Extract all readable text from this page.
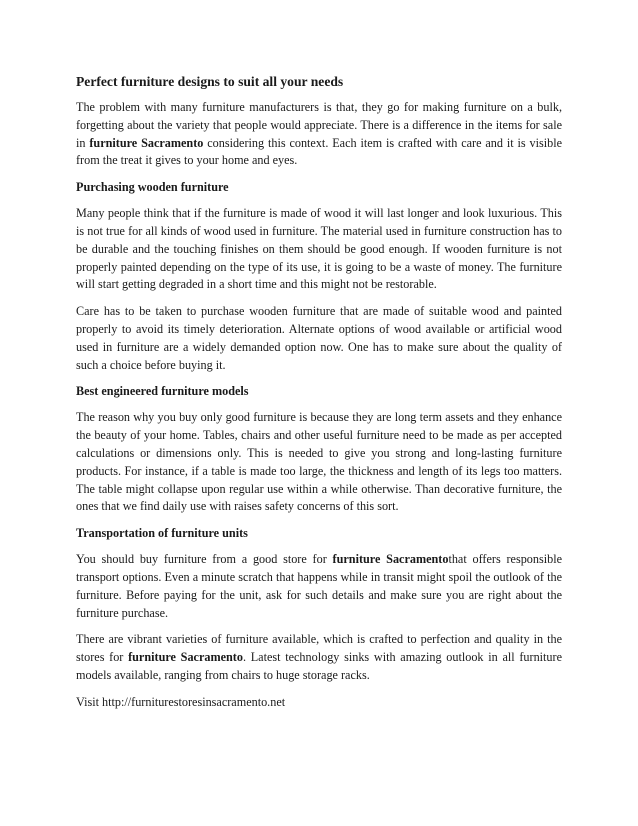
Perfect furniture designs to suit all your needs

The problem with many furniture manufacturers is that, they go for making furniture on a bulk, forgetting about the variety that people would appreciate. There is a difference in the items for sale in furniture Sacramento considering this context. Each item is crafted with care and it is visible from the treat it gives to your home and eyes.

Purchasing wooden furniture

Many people think that if the furniture is made of wood it will last longer and look luxurious. This is not true for all kinds of wood used in furniture. The material used in furniture construction has to be durable and the touching finishes on them should be good enough. If wooden furniture is not properly painted depending on the type of its use, it is going to be a waste of money. The furniture will start getting degraded in a short time and this might not be restorable.

Care has to be taken to purchase wooden furniture that are made of suitable wood and painted properly to avoid its timely deterioration. Alternate options of wood available or artificial wood used in furniture are a widely demanded option now. One has to make sure about the quality of such a choice before buying it.

Best engineered furniture models

The reason why you buy only good furniture is because they are long term assets and they enhance the beauty of your home. Tables, chairs and other useful furniture need to be made as per accepted calculations or dimensions only. This is needed to give you strong and long-lasting furniture products. For instance, if a table is made too large, the thickness and length of its legs too matters. The table might collapse upon regular use within a while otherwise. Than decorative furniture, the ones that we find daily use with raises safety concerns of this sort.

Transportation of furniture units

You should buy furniture from a good store for furniture Sacramentothat offers responsible transport options. Even a minute scratch that happens while in transit might spoil the outlook of the furniture. Before paying for the unit, ask for such details and make sure you are right about the furniture purchase.

There are vibrant varieties of furniture available, which is crafted to perfection and quality in the stores for furniture Sacramento. Latest technology sinks with amazing outlook in all furniture models available, ranging from chairs to huge storage racks.

Visit http://furniturestoresinsacramento.net
